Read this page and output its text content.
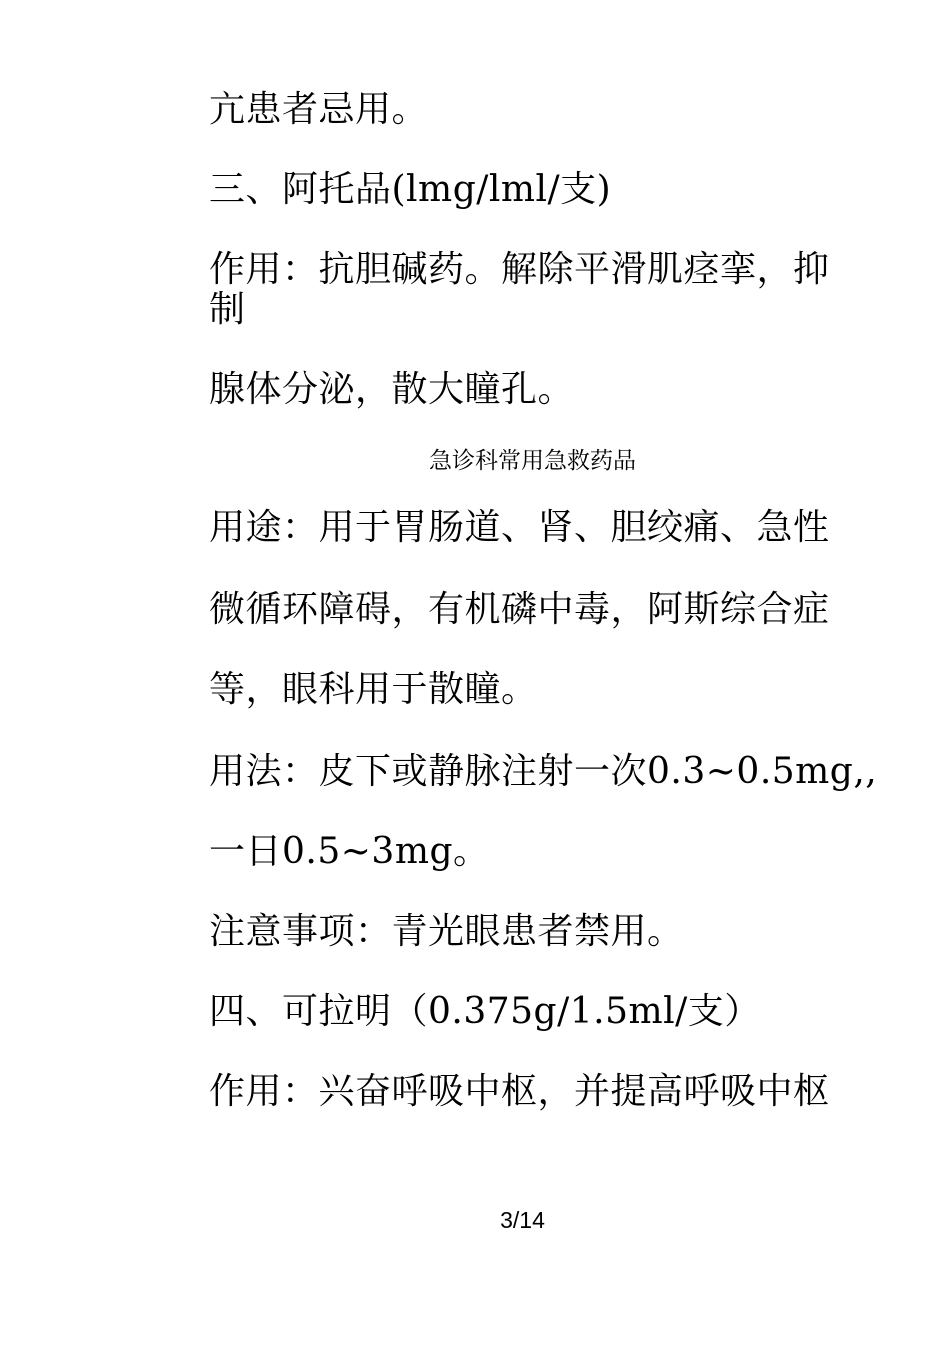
亢患者忌用。
三、阿托品(lmg/lml/支)
作用：抗胆碱药。解除平滑肌痉挛，抑制
腺体分泌，散大瞳孔。
急诊科常用急救药品
用途：用于胃肠道、肾、胆绞痛、急性
微循环障碍，有机磷中毒，阿斯综合症
等，眼科用于散瞳。
用法：皮下或静脉注射一次0.3~0.5mg,,
一日0.5~3mg。
注意事项：青光眼患者禁用。
四、可拉明（0.375g/1.5ml/支）
作用：兴奋呼吸中枢，并提高呼吸中枢
3/14
